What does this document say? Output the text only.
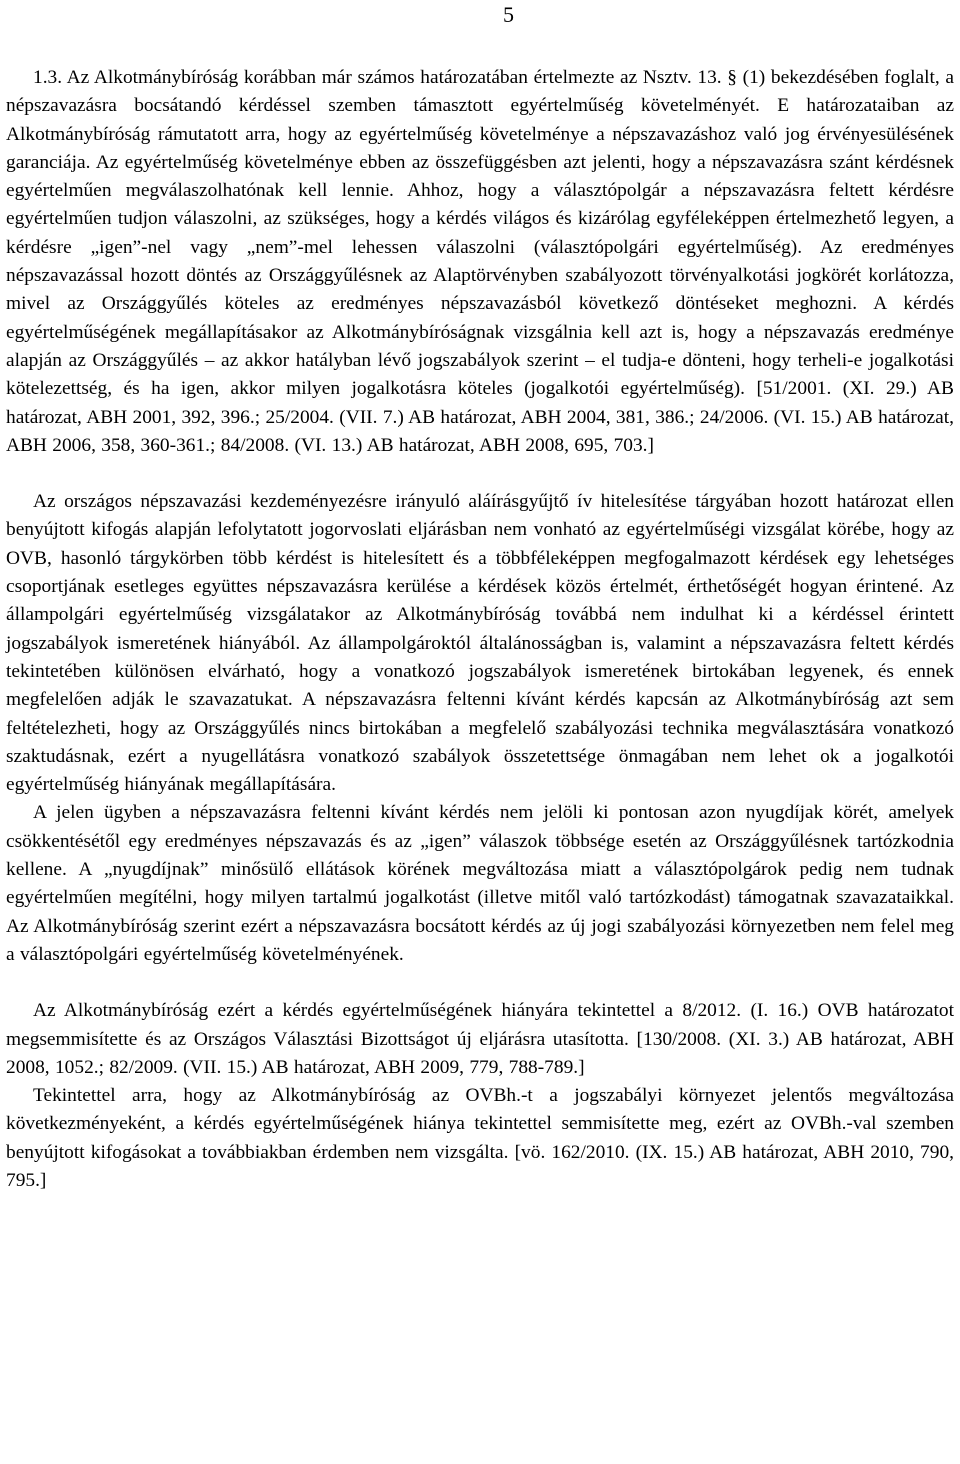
5

1.3. Az Alkotmánybíróság korábban már számos határozatában értelmezte az Nsztv. 13. § (1) bekezdésében foglalt, a népszavazásra bocsátandó kérdéssel szemben támasztott egyértelműség követelményét. E határozataiban az Alkotmánybíróság rámutatott arra, hogy az egyértelműség követelménye a népszavazáshoz való jog érvényesülésének garanciája. Az egyértelműség követelménye ebben az összefüggésben azt jelenti, hogy a népszavazásra szánt kérdésnek egyértelműen megválaszolhatónak kell lennie. Ahhoz, hogy a választópolgár a népszavazásra feltett kérdésre egyértelműen tudjon válaszolni, az szükséges, hogy a kérdés világos és kizárólag egyféleképpen értelmezhető legyen, a kérdésre „igen”-nel vagy „nem”-mel lehessen válaszolni (választópolgári egyértelműség). Az eredményes népszavazással hozott döntés az Országgyűlésnek az Alaptörvényben szabályozott törvényalkotási jogkörét korlátozza, mivel az Országgyűlés köteles az eredményes népszavazásból következő döntéseket meghozni. A kérdés egyértelműségének megállapításakor az Alkotmánybíróságnak vizsgálnia kell azt is, hogy a népszavazás eredménye alapján az Országgyűlés – az akkor hatályban lévő jogszabályok szerint – el tudja-e dönteni, hogy terheli-e jogalkotási kötelezettség, és ha igen, akkor milyen jogalkotásra köteles (jogalkotói egyértelműség). [51/2001. (XI. 29.) AB határozat, ABH 2001, 392, 396.; 25/2004. (VII. 7.) AB határozat, ABH 2004, 381, 386.; 24/2006. (VI. 15.) AB határozat, ABH 2006, 358, 360-361.; 84/2008. (VI. 13.) AB határozat, ABH 2008, 695, 703.]

Az országos népszavazási kezdeményezésre irányuló aláírásgyűjtő ív hitelesítése tárgyában hozott határozat ellen benyújtott kifogás alapján lefolytatott jogorvoslati eljárásban nem vonható az egyértelműségi vizsgálat körébe, hogy az OVB, hasonló tárgykörben több kérdést is hitelesített és a többféleképpen megfogalmazott kérdések egy lehetséges csoportjának esetleges együttes népszavazásra kerülése a kérdések közös értelmét, érthetőségét hogyan érintené. Az állampolgári egyértelműség vizsgálatakor az Alkotmánybíróság továbbá nem indulhat ki a kérdéssel érintett jogszabályok ismeretének hiányából. Az állampolgároktól általánosságban is, valamint a népszavazásra feltett kérdés tekintetében különösen elvárható, hogy a vonatkozó jogszabályok ismeretének birtokában legyenek, és ennek megfelelően adják le szavazatukat. A népszavazásra feltenni kívánt kérdés kapcsán az Alkotmánybíróság azt sem feltételezheti, hogy az Országgyűlés nincs birtokában a megfelelő szabályozási technika megválasztására vonatkozó szaktudásnak, ezért a nyugellátásra vonatkozó szabályok összetettsége önmagában nem lehet ok a jogalkotói egyértelműség hiányának megállapítására.

A jelen ügyben a népszavazásra feltenni kívánt kérdés nem jelöli ki pontosan azon nyugdíjak körét, amelyek csökkentésétől egy eredményes népszavazás és az „igen” válaszok többsége esetén az Országgyűlésnek tartózkodnia kellene. A „nyugdíjnak” minősülő ellátások körének megváltozása miatt a választópolgárok pedig nem tudnak egyértelműen megítélni, hogy milyen tartalmú jogalkotást (illetve mitől való tartózkodást) támogatnak szavazataikkal. Az Alkotmánybíróság szerint ezért a népszavazásra bocsátott kérdés az új jogi szabályozási környezetben nem felel meg a választópolgári egyértelműség követelményének.

Az Alkotmánybíróság ezért a kérdés egyértelműségének hiányára tekintettel a 8/2012. (I. 16.) OVB határozatot megsemmisítette és az Országos Választási Bizottságot új eljárásra utasította. [130/2008. (XI. 3.) AB határozat, ABH 2008, 1052.; 82/2009. (VII. 15.) AB határozat, ABH 2009, 779, 788-789.]

Tekintettel arra, hogy az Alkotmánybíróság az OVBh.-t a jogszabályi környezet jelentős megváltozása következményeként, a kérdés egyértelműségének hiánya tekintettel semmisítette meg, ezért az OVBh.-val szemben benyújtott kifogásokat a továbbiakban érdemben nem vizsgálta. [vö. 162/2010. (IX. 15.) AB határozat, ABH 2010, 790, 795.]
